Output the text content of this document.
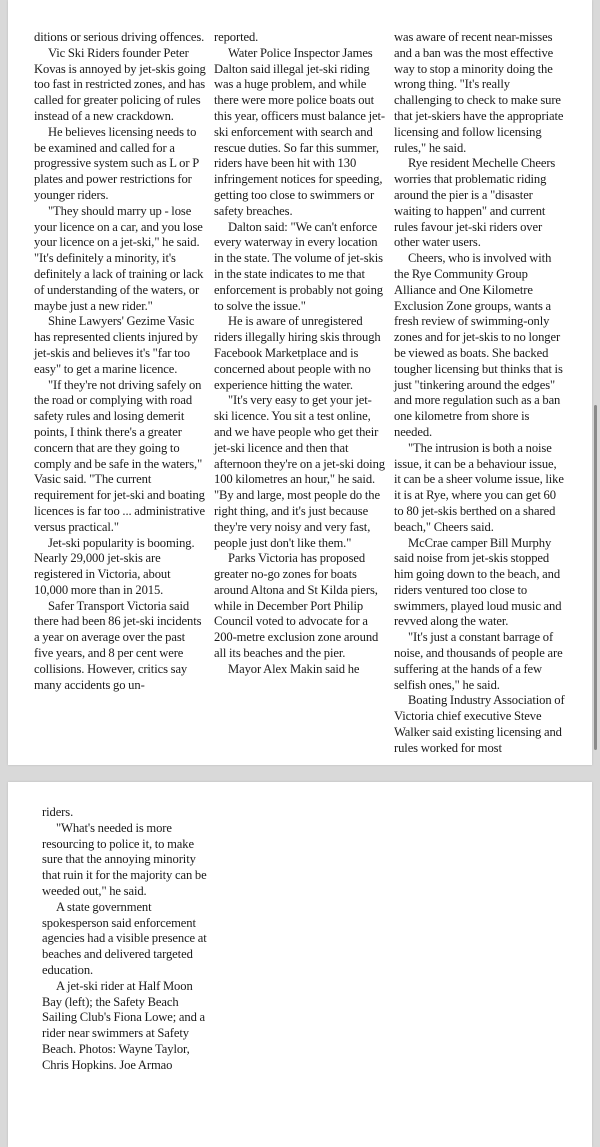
ditions or serious driving offences.

Vic Ski Riders founder Peter Kovas is annoyed by jet-skis going too fast in restricted zones, and has called for greater policing of rules instead of a new crackdown.

He believes licensing needs to be examined and called for a progressive system such as L or P plates and power restrictions for younger riders.

"They should marry up - lose your licence on a car, and you lose your licence on a jet-ski," he said. "It's definitely a minority, it's definitely a lack of training or lack of understanding of the waters, or maybe just a new rider."

Shine Lawyers' Gezime Vasic has represented clients injured by jet-skis and believes it's "far too easy" to get a marine licence.

"If they're not driving safely on the road or complying with road safety rules and losing demerit points, I think there's a greater concern that are they going to comply and be safe in the waters," Vasic said. "The current requirement for jet-ski and boating licences is far too ... administrative versus practical."

Jet-ski popularity is booming. Nearly 29,000 jet-skis are registered in Victoria, about 10,000 more than in 2015.

Safer Transport Victoria said there had been 86 jet-ski incidents a year on average over the past five years, and 8 per cent were collisions. However, critics say many accidents go un-

reported.

Water Police Inspector James Dalton said illegal jet-ski riding was a huge problem, and while there were more police boats out this year, officers must balance jet-ski enforcement with search and rescue duties. So far this summer, riders have been hit with 130 infringement notices for speeding, getting too close to swimmers or safety breaches.

Dalton said: "We can't enforce every waterway in every location in the state. The volume of jet-skis in the state indicates to me that enforcement is probably not going to solve the issue."

He is aware of unregistered riders illegally hiring skis through Facebook Marketplace and is concerned about people with no experience hitting the water.

"It's very easy to get your jet-ski licence. You sit a test online, and we have people who get their jet-ski licence and then that afternoon they're on a jet-ski doing 100 kilometres an hour," he said. "By and large, most people do the right thing, and it's just because they're very noisy and very fast, people just don't like them."

Parks Victoria has proposed greater no-go zones for boats around Altona and St Kilda piers, while in December Port Philip Council voted to advocate for a 200-metre exclusion zone around all its beaches and the pier.

Mayor Alex Makin said he

was aware of recent near-misses and a ban was the most effective way to stop a minority doing the wrong thing. "It's really challenging to check to make sure that jet-skiers have the appropriate licensing and follow licensing rules," he said.

Rye resident Mechelle Cheers worries that problematic riding around the pier is a "disaster waiting to happen" and current rules favour jet-ski riders over other water users.

Cheers, who is involved with the Rye Community Group Alliance and One Kilometre Exclusion Zone groups, wants a fresh review of swimming-only zones and for jet-skis to no longer be viewed as boats. She backed tougher licensing but thinks that is just "tinkering around the edges" and more regulation such as a ban one kilometre from shore is needed.

"The intrusion is both a noise issue, it can be a behaviour issue, it can be a sheer volume issue, like it is at Rye, where you can get 60 to 80 jet-skis berthed on a shared beach," Cheers said.

McCrae camper Bill Murphy said noise from jet-skis stopped him going down to the beach, and riders ventured too close to swimmers, played loud music and revved along the water.

"It's just a constant barrage of noise, and thousands of people are suffering at the hands of a few selfish ones," he said.

Boating Industry Association of Victoria chief executive Steve Walker said existing licensing and rules worked for most

riders.

"What's needed is more resourcing to police it, to make sure that the annoying minority that ruin it for the majority can be weeded out," he said.

A state government spokesperson said enforcement agencies had a visible presence at beaches and delivered targeted education.

A jet-ski rider at Half Moon Bay (left); the Safety Beach Sailing Club's Fiona Lowe; and a rider near swimmers at Safety Beach. Photos: Wayne Taylor, Chris Hopkins. Joe Armao
